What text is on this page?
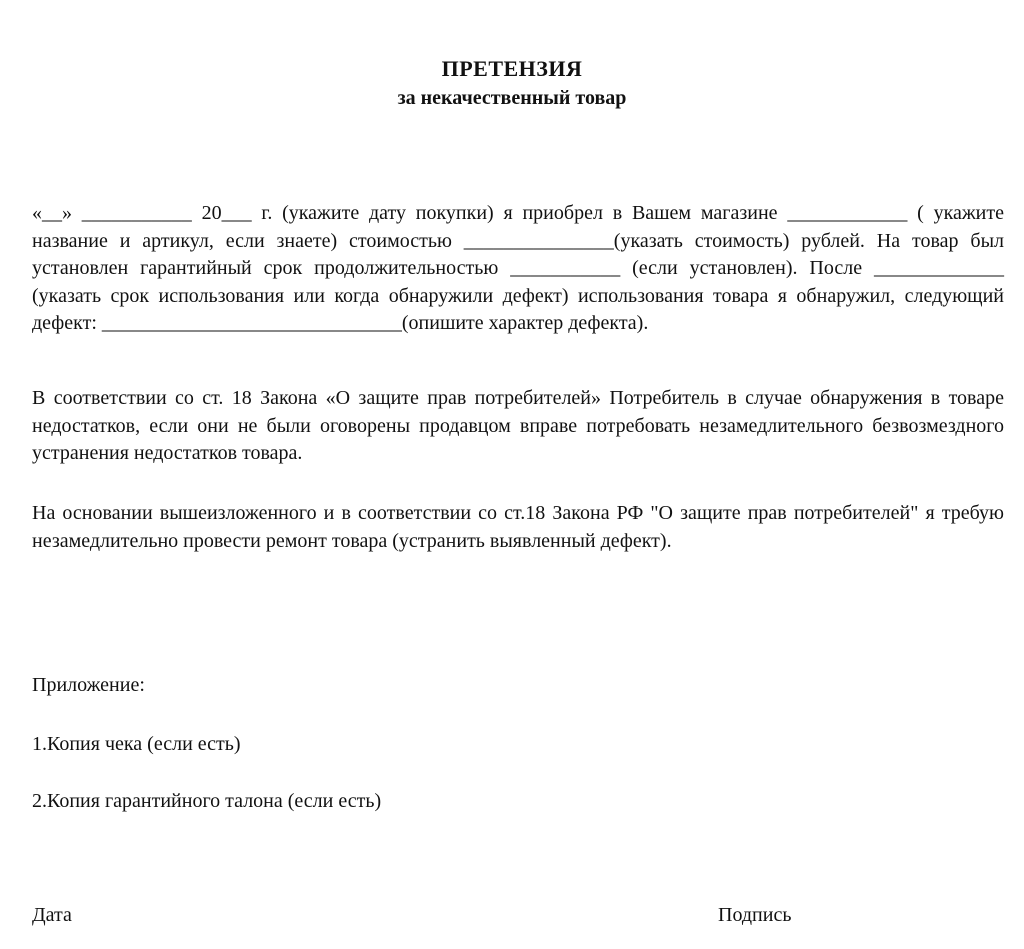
ПРЕТЕНЗИЯ
за некачественный товар
«__» ___________ 20___ г. (укажите дату покупки) я приобрел в Вашем магазине ____________ ( укажите название и артикул, если знаете) стоимостью _______________(указать стоимость) рублей. На товар был установлен гарантийный срок продолжительностью ___________ (если установлен). После _____________ (указать срок использования или когда обнаружили дефект) использования товара я обнаружил, следующий дефект: ______________________________(опишите характер дефекта).
В соответствии со ст. 18 Закона «О защите прав потребителей» Потребитель в случае обнаружения в товаре недостатков, если они не были оговорены продавцом вправе потребовать незамедлительного безвозмездного устранения недостатков товара.
На основании вышеизложенного и в соответствии со ст.18 Закона РФ "О защите прав потребителей" я требую незамедлительно провести ремонт товара (устранить выявленный дефект).
Приложение:
1.Копия чека (если есть)
2.Копия гарантийного талона (если есть)
Дата	Подпись
